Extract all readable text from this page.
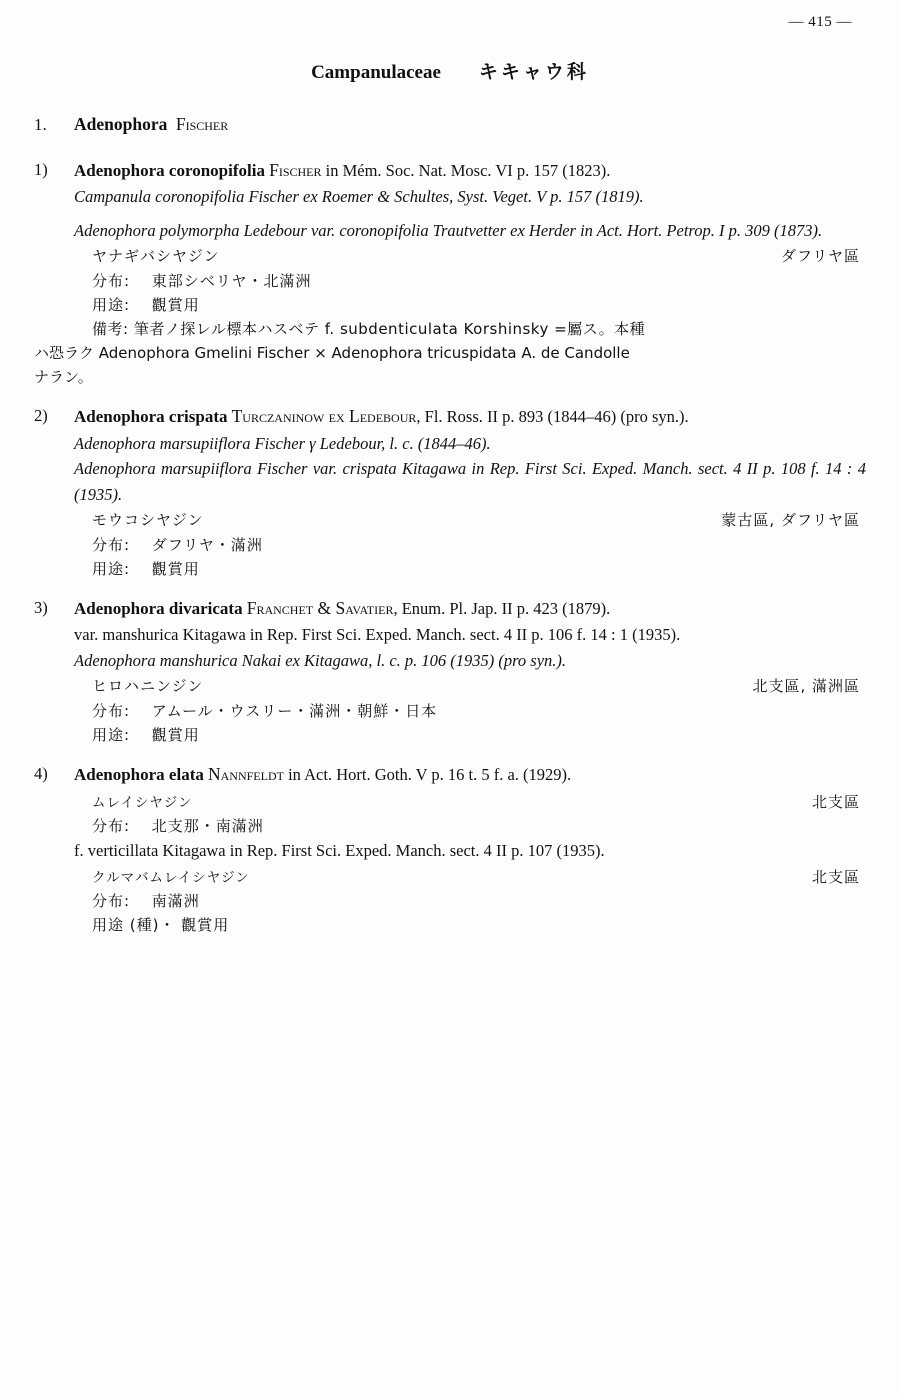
— 415 —
Campanulaceae キキャウ科
1. Adenophora Fischer
1) Adenophora coronopifolia Fischer in Mém. Soc. Nat. Mosc. VI p. 157 (1823).
Campanula coronopifolia Fischer ex Roemer & Schultes, Syst. Veget. V p. 157 (1819).
Adenophora polymorpha Ledebour var. coronopifolia Trautvetter ex Herder in Act. Hort. Petrop. I p. 309 (1873).
ヤナギバシヤジン	ダフリヤ區
分布: 東部シベリヤ・北滿洲
用途: 觀賞用
備考: 筆者ノ探レル標本ハスベテ f. subdenticulata Korshinsky =屬ス。本種
ハ恐ラク Adenophora Gmelini Fischer × Adenophora tricuspidata A. de Candolle
ナラン。
2) Adenophora crispata Turczaninow ex Ledebour, Fl. Ross. II p. 893 (1844–46) (pro syn.).
Adenophora marsupiiflora Fischer γ Ledebour, l. c. (1844–46).
Adenophora marsupiiflora Fischer var. crispata Kitagawa in Rep. First Sci. Exped. Manch. sect. 4 II p. 108 f. 14 : 4 (1935).
モウコシヤジン	蒙古區, ダフリヤ區
分布: ダフリヤ・滿洲
用途: 觀賞用
3) Adenophora divaricata Franchet & Savatier, Enum. Pl. Jap. II p. 423 (1879).
var. manshurica Kitagawa in Rep. First Sci. Exped. Manch. sect. 4 II p. 106 f. 14 : 1 (1935).
Adenophora manshurica Nakai ex Kitagawa, l. c. p. 106 (1935) (pro syn.).
ヒロハニンジン	北支區, 滿洲區
分布: アムール・ウスリー・滿洲・朝鮮・日本
用途: 觀賞用
4) Adenophora elata Nannfeldt in Act. Hort. Goth. V p. 16 t. 5 f. a. (1929).
ムレイシヤジン	北支區
分布: 北支那・南滿洲
f. verticillata Kitagawa in Rep. First Sci. Exped. Manch. sect. 4 II p. 107 (1935).
クルマバムレイシヤジン	北支區
分布: 南滿洲
用途 (種)・ 觀賞用
